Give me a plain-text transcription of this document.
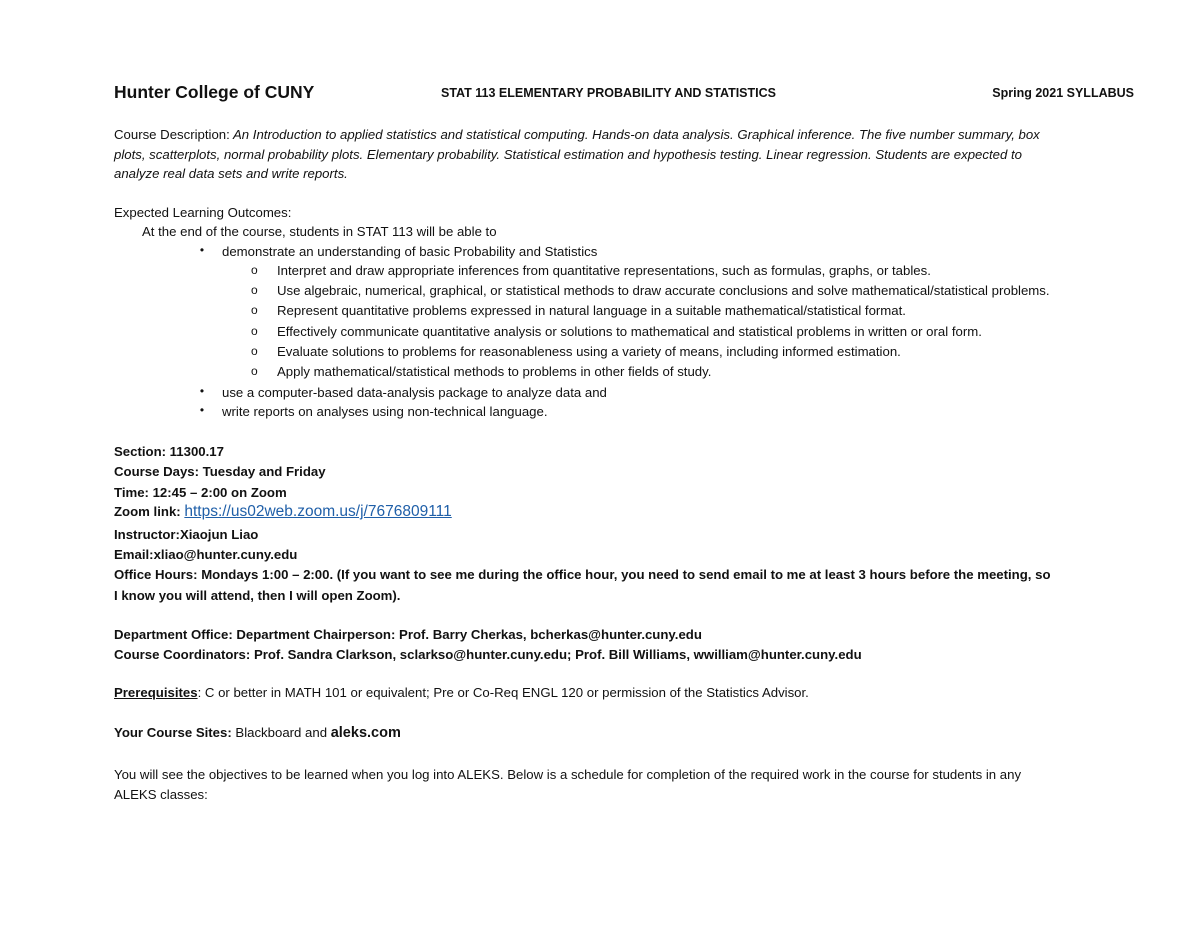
Hunter College of CUNY	STAT 113 ELEMENTARY PROBABILITY AND STATISTICS	Spring 2021 SYLLABUS
Course Description: An Introduction to applied statistics and statistical computing. Hands-on data analysis. Graphical inference. The five number summary, box
plots, scatterplots, normal probability plots. Elementary probability. Statistical estimation and hypothesis testing. Linear regression. Students are expected to
analyze real data sets and write reports.
Expected Learning Outcomes:
At the end of the course, students in STAT 113 will be able to
• demonstrate an understanding of basic Probability and Statistics
o Interpret and draw appropriate inferences from quantitative representations, such as formulas, graphs, or tables.
o Use algebraic, numerical, graphical, or statistical methods to draw accurate conclusions and solve mathematical/statistical problems.
o Represent quantitative problems expressed in natural language in a suitable mathematical/statistical format.
o Effectively communicate quantitative analysis or solutions to mathematical and statistical problems in written or oral form.
o Evaluate solutions to problems for reasonableness using a variety of means, including informed estimation.
o Apply mathematical/statistical methods to problems in other fields of study.
• use a computer-based data-analysis package to analyze data and
• write reports on analyses using non-technical language.
Section: 11300.17
Course Days: Tuesday and Friday
Time: 12:45 – 2:00 on Zoom
Zoom link: https://us02web.zoom.us/j/7676809111
Instructor:Xiaojun Liao
Email:xliao@hunter.cuny.edu
Office Hours: Mondays 1:00 – 2:00. (If you want to see me during the office hour, you need to send email to me at least 3 hours before the meeting, so
I know you will attend, then I will open Zoom).
Department Office: Department Chairperson: Prof. Barry Cherkas, bcherkas@hunter.cuny.edu
Course Coordinators: Prof. Sandra Clarkson, sclarkso@hunter.cuny.edu; Prof. Bill Williams, wwilliam@hunter.cuny.edu
Prerequisites: C or better in MATH 101 or equivalent; Pre or Co-Req ENGL 120 or permission of the Statistics Advisor.
Your Course Sites: Blackboard and aleks.com
You will see the objectives to be learned when you log into ALEKS. Below is a schedule for completion of the required work in the course for students in any
ALEKS classes:
